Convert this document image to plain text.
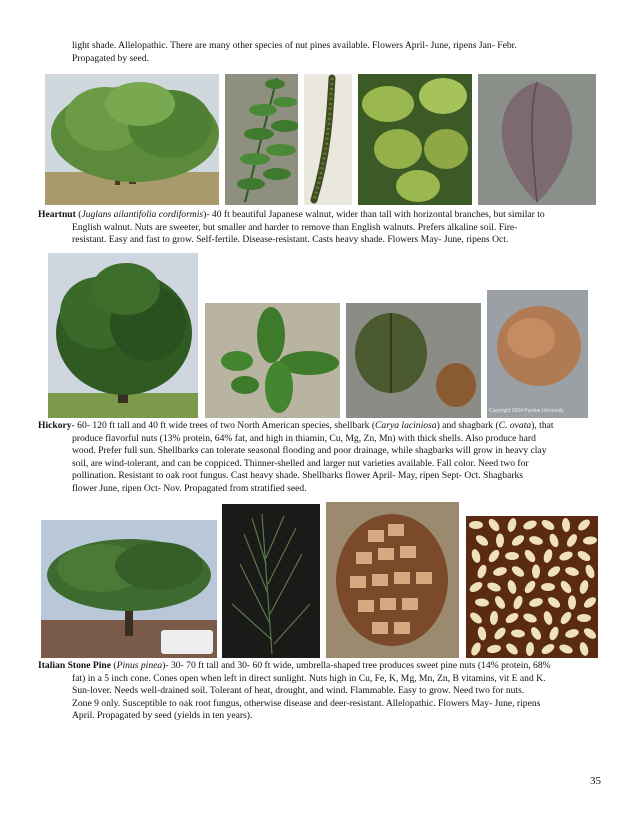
light shade. Allelopathic. There are many other species of nut pines available. Flowers April- June, ripens Jan- Febr.
Propagated by seed.
Heartnut (Juglans ailantifolia cordiformis)- 40 ft beautiful Japanese walnut, wider than tall with horizontal branches, but similar to
English walnut. Nuts are sweeter, but smaller and harder to remove than English walnuts. Prefers alkaline soil. Fire-
resistant. Easy and fast to grow. Self-fertile. Disease-resistant. Casts heavy shade. Flowers May- June, ripens Oct.
Copyright 2004 Purdue University
Hickory- 60- 120 ft tall and 40 ft wide trees of two North American species, shellbark (Carya laciniosa) and shagbark (C. ovata), that
produce flavorful nuts (13% protein, 64% fat, and high in thiamin, Cu, Mg, Zn, Mn) with thick shells. Also produce hard
wood. Prefer full sun. Shellbarks can tolerate seasonal flooding and poor drainage, while shagbarks will grow in heavy clay
soil, are wind-tolerant, and can be coppiced. Thinner-shelled and larger nut varieties available. Fall color. Need two for
pollination. Resistant to oak root fungus. Cast heavy shade. Shellbarks flower April- May, ripen Sept- Oct. Shagbarks
flower June, ripen Oct- Nov. Propagated from stratified seed.
Italian Stone Pine (Pinus pinea)- 30- 70 ft tall and 30- 60 ft wide, umbrella-shaped tree produces sweet pine nuts (14% protein, 68%
fat) in a 5 inch cone. Cones open when left in direct sunlight. Nuts high in Cu, Fe, K, Mg, Mn, Zn, B vitamins, vit E and K.
Sun-lover. Needs well-drained soil. Tolerant of heat, drought, and wind. Flammable. Easy to grow. Need two for nuts.
Zone 9 only. Susceptible to oak root fungus, otherwise disease and deer-resistant. Allelopathic. Flowers May- June, ripens
April. Propagated by seed (yields in ten years).
35
